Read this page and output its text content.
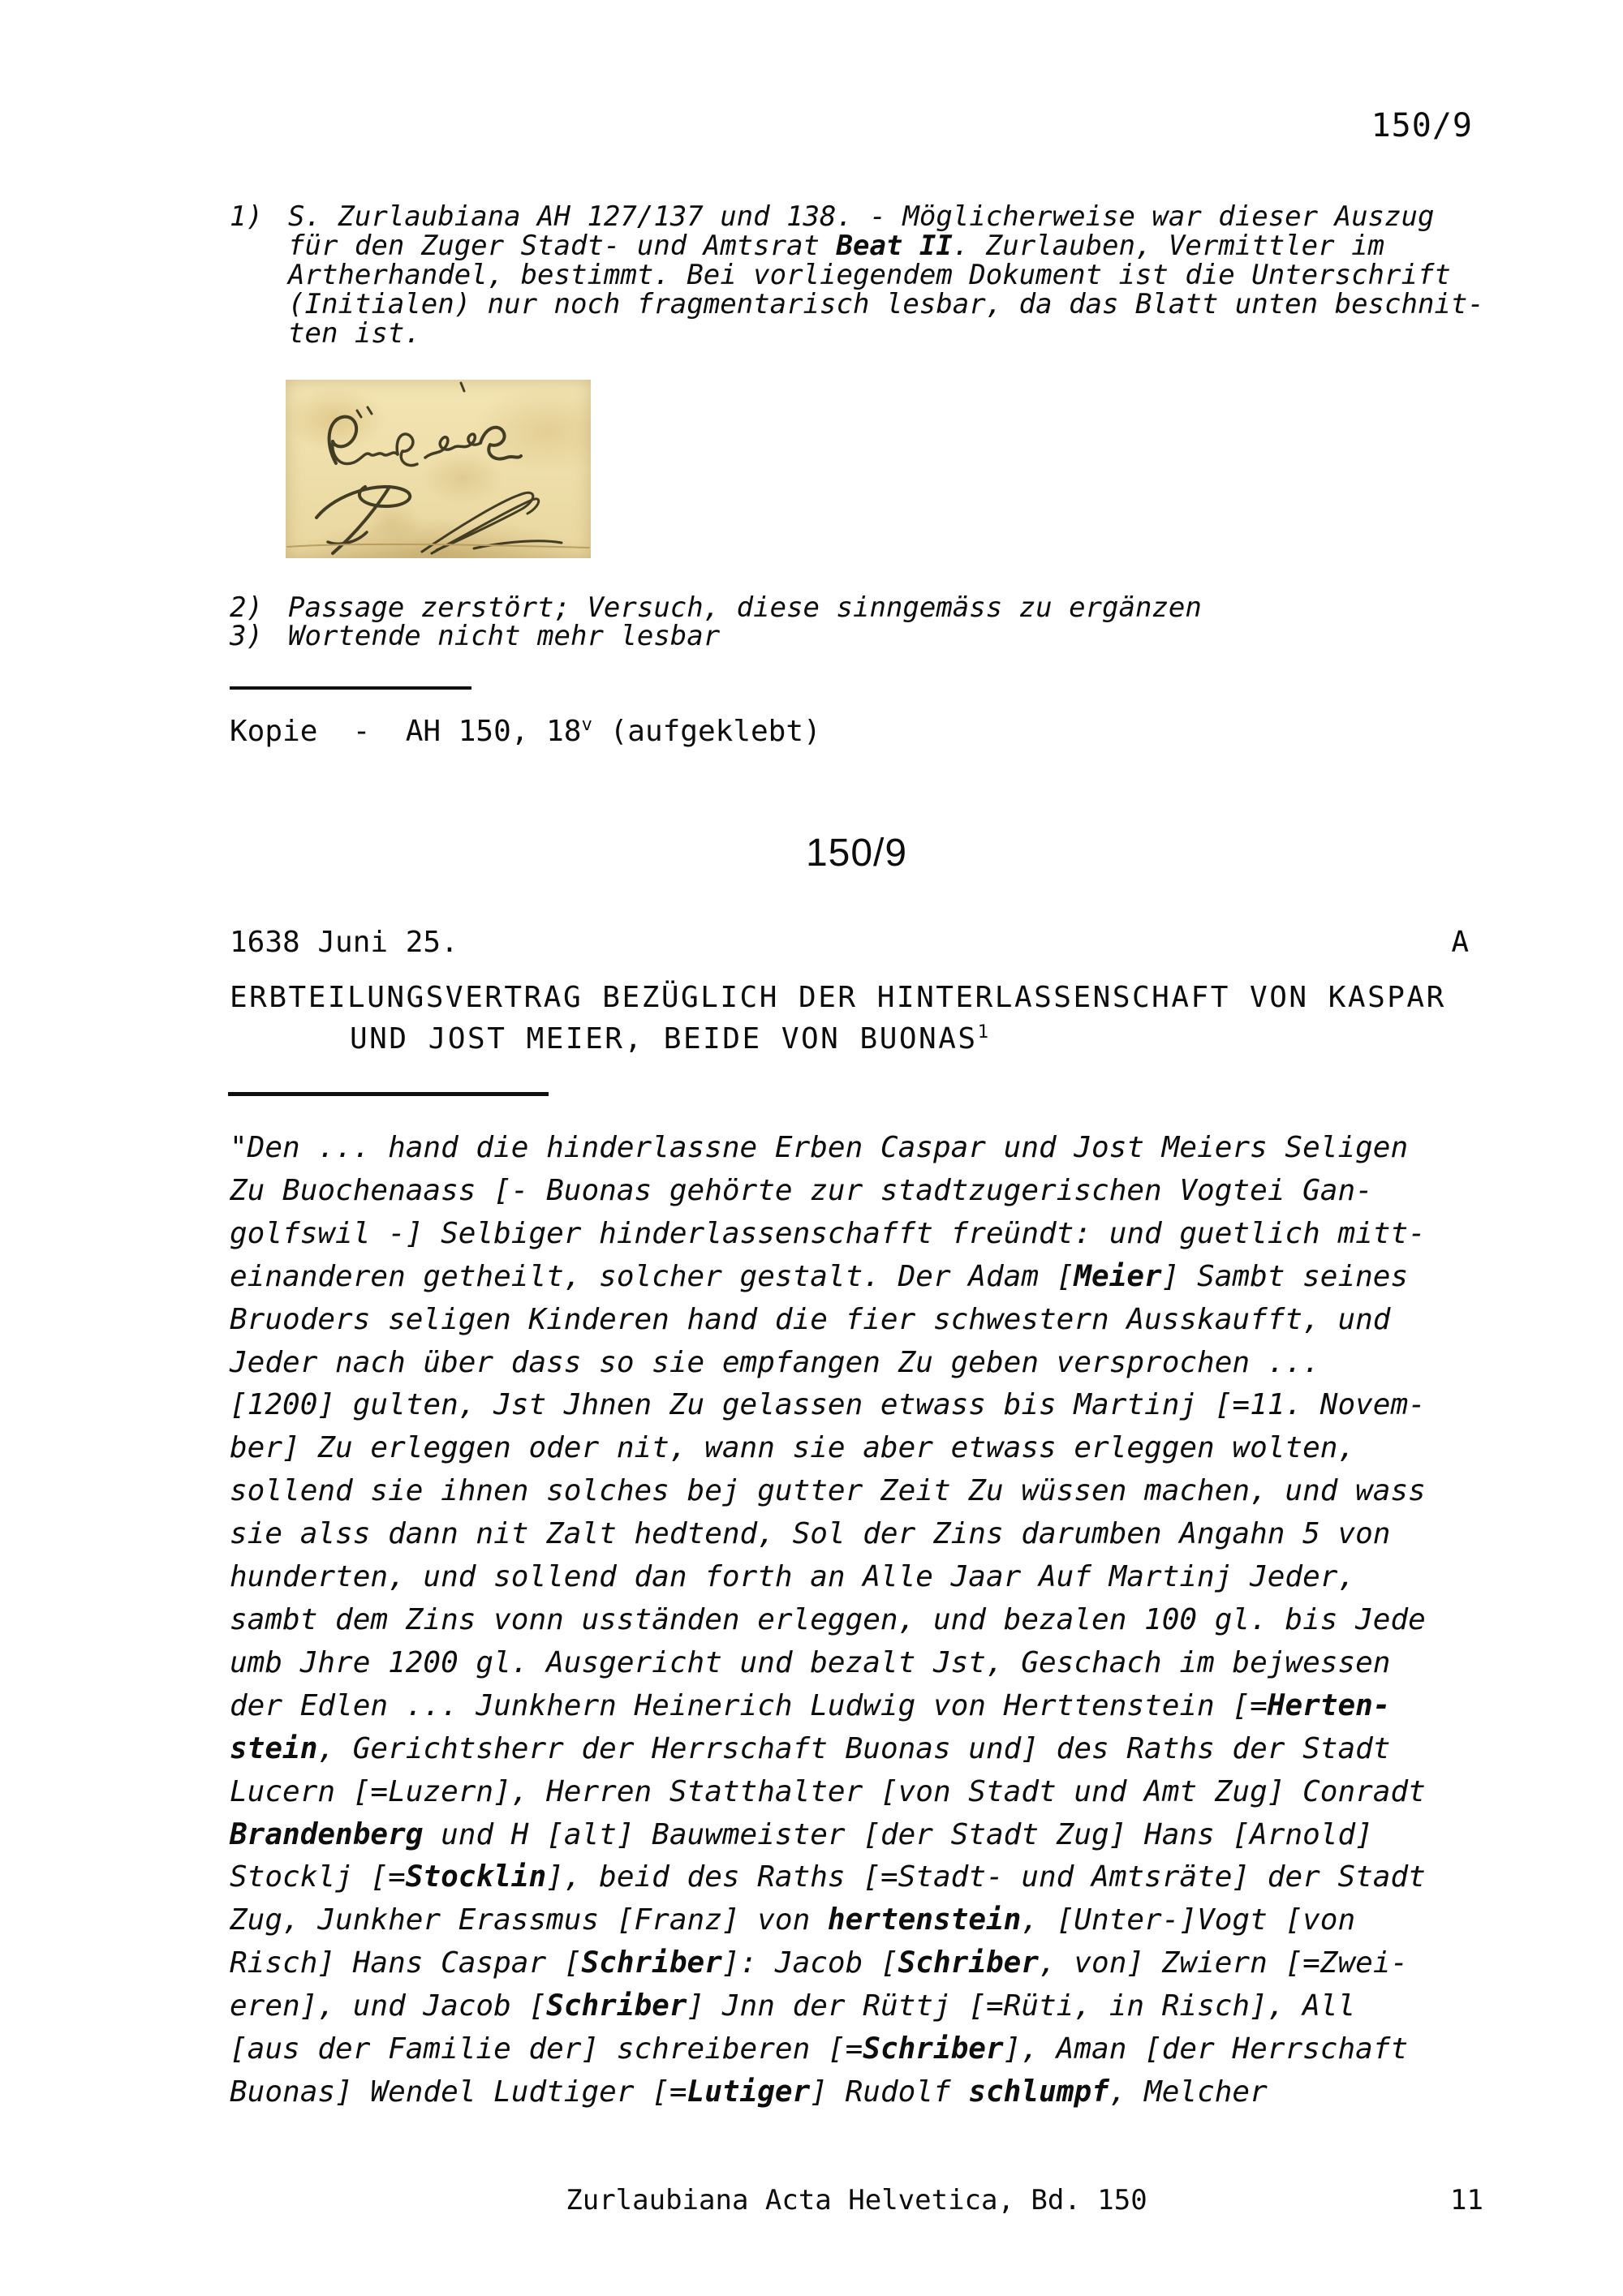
150/9
1) S. Zurlaubiana AH 127/137 und 138. - Möglicherweise war dieser Auszug
für den Zuger Stadt- und Amtsrat Beat II. Zurlauben, Vermittler im
Artherhandel, bestimmt. Bei vorliegendem Dokument ist die Unterschrift
(Initialen) nur noch fragmentarisch lesbar, da das Blatt unten beschnit-
ten ist.
2) Passage zerstört; Versuch, diese sinngemäss zu ergänzen
3) Wortende nicht mehr lesbar
Kopie  -  AH 150, 18$^v$ (aufgeklebt)
150/9
1638 Juni 25.	A
ERBTEILUNGSVERTRAG BEZÜGLICH DER HINTERLASSENSCHAFT VON KASPAR
UND JOST MEIER, BEIDE VON BUONAS$^1$
"Den ... hand die hinderlassne Erben Caspar und Jost Meiers Seligen
Zu Buochenaass [- Buonas gehörte zur stadtzugerischen Vogtei Gan-
golfswil -] Selbiger hinderlassenschafft freündt: und guetlich mitt-
einanderen getheilt, solcher gestalt. Der Adam [Meier] Sambt seines
Bruoders seligen Kinderen hand die fier schwestern Ausskaufft, und
Jeder nach über dass so sie empfangen Zu geben versprochen ...
[1200] gulten, Jst Jhnen Zu gelassen etwass bis Martinj [=11. Novem-
ber] Zu erleggen oder nit, wann sie aber etwass erleggen wolten,
sollend sie ihnen solches bej gutter Zeit Zu wüssen machen, und wass
sie alss dann nit Zalt hedtend, Sol der Zins darumben Angahn 5 von
hunderten, und sollend dan forth an Alle Jaar Auf Martinj Jeder,
sambt dem Zins vonn usständen erleggen, und bezalen 100 gl. bis Jede
umb Jhre 1200 gl. Ausgericht und bezalt Jst, Geschach im bejwessen
der Edlen ... Junkhern Heinerich Ludwig von Herttenstein [=Herten-
stein, Gerichtsherr der Herrschaft Buonas und] des Raths der Stadt
Lucern [=Luzern], Herren Statthalter [von Stadt und Amt Zug] Conradt
Brandenberg und H [alt] Bauwmeister [der Stadt Zug] Hans [Arnold]
Stocklj [=Stocklin], beid des Raths [=Stadt- und Amtsräte] der Stadt
Zug, Junkher Erassmus [Franz] von hertenstein, [Unter-]Vogt [von
Risch] Hans Caspar [Schriber]: Jacob [Schriber, von] Zwiern [=Zwei-
eren], und Jacob [Schriber] Jnn der Rüttj [=Rüti, in Risch], All
[aus der Familie der] schreiberen [=Schriber], Aman [der Herrschaft
Buonas] Wendel Ludtiger [=Lutiger] Rudolf schlumpf, Melcher
Zurlaubiana Acta Helvetica, Bd. 150	11
